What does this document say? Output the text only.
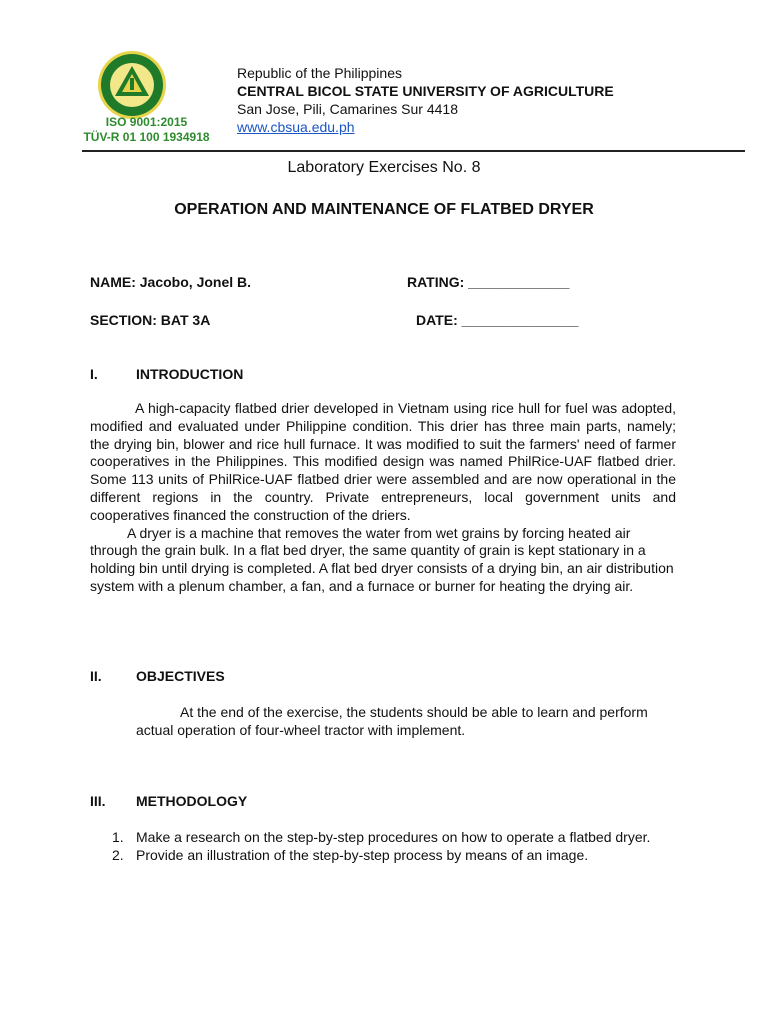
ISO 9001:2015
TÜV-R 01 100 1934918
Republic of the Philippines
CENTRAL BICOL STATE UNIVERSITY OF AGRICULTURE
San Jose, Pili, Camarines Sur 4418
www.cbsua.edu.ph
Laboratory Exercises No. 8
OPERATION AND MAINTENANCE OF FLATBED DRYER
NAME: Jacobo, Jonel B.	RATING: _____________
SECTION: BAT 3A	DATE: _______________
I.	INTRODUCTION

A high-capacity flatbed drier developed in Vietnam using rice hull for fuel was adopted, modified and evaluated under Philippine condition. This drier has three main parts, namely; the drying bin, blower and rice hull furnace. It was modified to suit the farmers' need of farmer cooperatives in the Philippines. This modified design was named PhilRice-UAF flatbed drier. Some 113 units of PhilRice-UAF flatbed drier were assembled and are now operational in the different regions in the country. Private entrepreneurs, local government units and cooperatives financed the construction of the driers.

A dryer is a machine that removes the water from wet grains by forcing heated air through the grain bulk. In a flat bed dryer, the same quantity of grain is kept stationary in a holding bin until drying is completed. A flat bed dryer consists of a drying bin, an air distribution system with a plenum chamber, a fan, and a furnace or burner for heating the drying air.

II. OBJECTIVES

At the end of the exercise, the students should be able to learn and perform actual operation of four-wheel tractor with implement.

III. METHODOLOGY
1. Make a research on the step-by-step procedures on how to operate a flatbed dryer.
2. Provide an illustration of the step-by-step process by means of an image.
